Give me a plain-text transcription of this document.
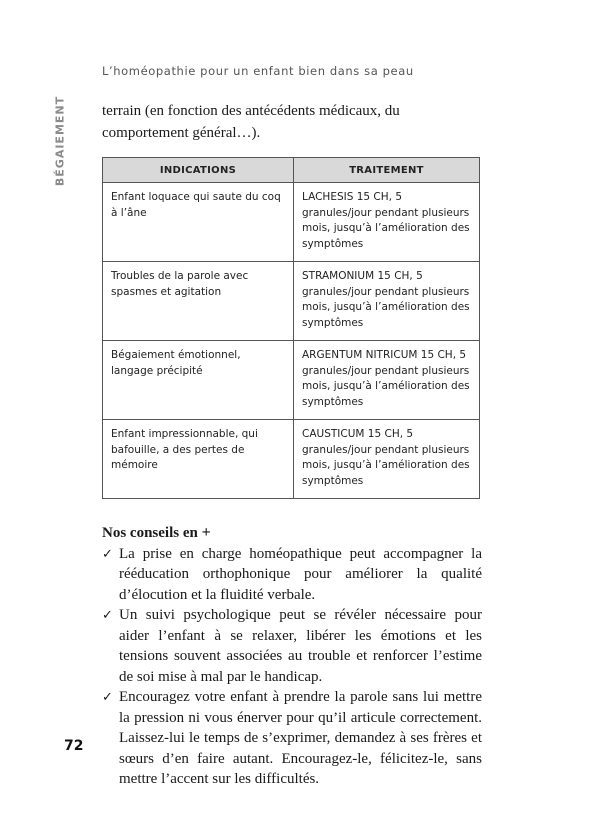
L’homéopathie pour un enfant bien dans sa peau
BÉGAIEMENT terrain (en fonction des antécédents médicaux, du comportement général…).

INDICATIONS	TRAITEMENT
Enfant loquace qui saute du coq à l’âne	LACHESIS 15 CH, 5 granules/jour pendant plusieurs mois, jusqu’à l’amélioration des symptômes
Troubles de la parole avec spasmes et agitation	STRAMONIUM 15 CH, 5 granules/jour pendant plusieurs mois, jusqu’à l’amélioration des symptômes
Bégaiement émotionnel, langage précipité	ARGENTUM NITRICUM 15 CH, 5 granules/jour pendant plusieurs mois, jusqu’à l’amélioration des symptômes
Enfant impressionnable, qui bafouille, a des pertes de mémoire	CAUSTICUM 15 CH, 5 granules/jour pendant plusieurs mois, jusqu’à l’amélioration des symptômes
Nos conseils en +
✓ La prise en charge homéopathique peut accompagner la rééducation orthophonique pour améliorer la qualité d’élocution et la fluidité verbale.
✓ Un suivi psychologique peut se révéler nécessaire pour aider l’enfant à se relaxer, libérer les émotions et les tensions souvent associées au trouble et renforcer l’estime de soi mise à mal par le handicap.
✓ Encouragez votre enfant à prendre la parole sans lui mettre la pression ni vous énerver pour qu’il articule correctement. Laissez-lui le temps de s’exprimer, demandez à ses frères et sœurs d’en faire autant. Encouragez-le, félicitez-le, sans mettre l’accent sur les difficultés.
72
